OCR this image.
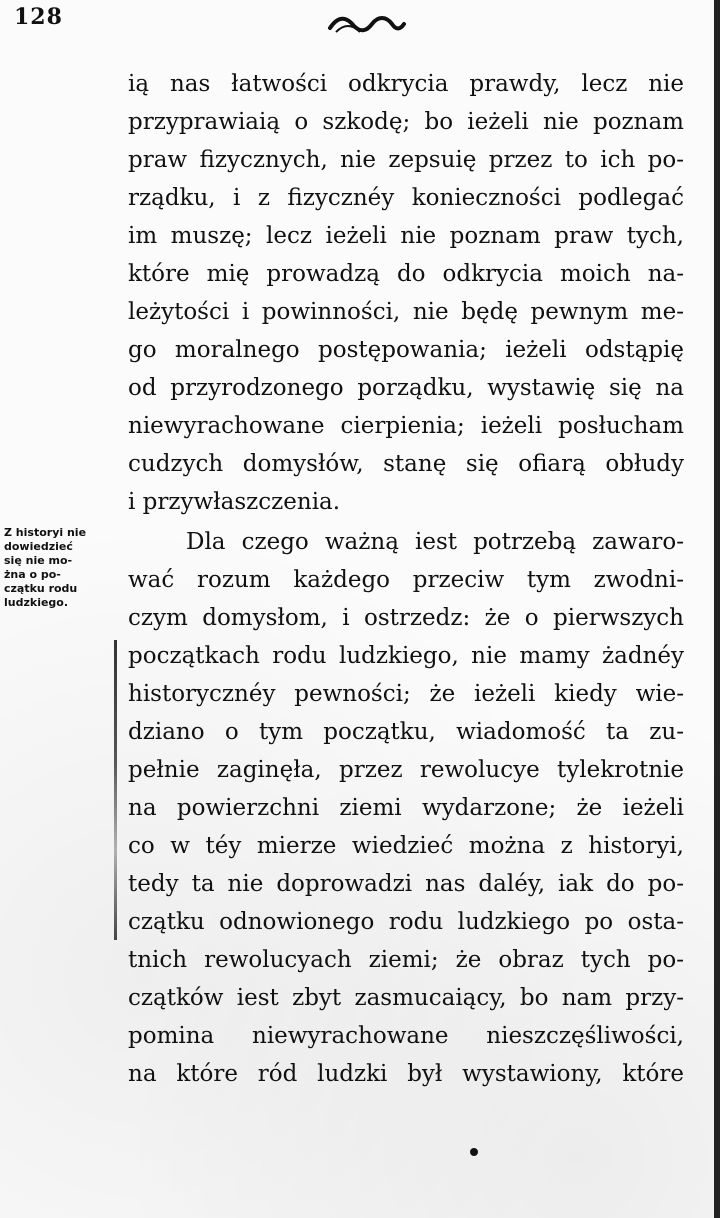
128
Z historyi nie
dowiedzieć
się nie mo-
żna o po-
czątku rodu
ludzkiego.
ią nas łatwości odkrycia prawdy, lecz nie
przyprawiaią o szkodę; bo ieżeli nie poznam
praw fizycznych, nie zepsuię przez to ich po-
rządku, i z fizycznéy konieczności podlegać
im muszę; lecz ieżeli nie poznam praw tych,
które mię prowadzą do odkrycia moich na-
leżytości i powinności, nie będę pewnym me-
go moralnego postępowania; ieżeli odstąpię
od przyrodzonego porządku, wystawię się na
niewyrachowane cierpienia; ieżeli posłucham
cudzych domysłów, stanę się ofiarą obłudy
i przywłaszczenia.
Dla czego ważną iest potrzebą zawaro-
wać rozum każdego przeciw tym zwodni-
czym domysłom, i ostrzedz: że o pierwszych
początkach rodu ludzkiego, nie mamy żadnéy
historycznéy pewności; że ieżeli kiedy wie-
dziano o tym początku, wiadomość ta zu-
pełnie zaginęła, przez rewolucye tylekrotnie
na powierzchni ziemi wydarzone; że ieżeli
co w téy mierze wiedzieć można z historyi,
tedy ta nie doprowadzi nas daléy, iak do po-
czątku odnowionego rodu ludzkiego po osta-
tnich rewolucyach ziemi; że obraz tych po-
czątków iest zbyt zasmucaiący, bo nam przy-
pomina niewyrachowane nieszczęśliwości,
na które ród ludzki był wystawiony, które
